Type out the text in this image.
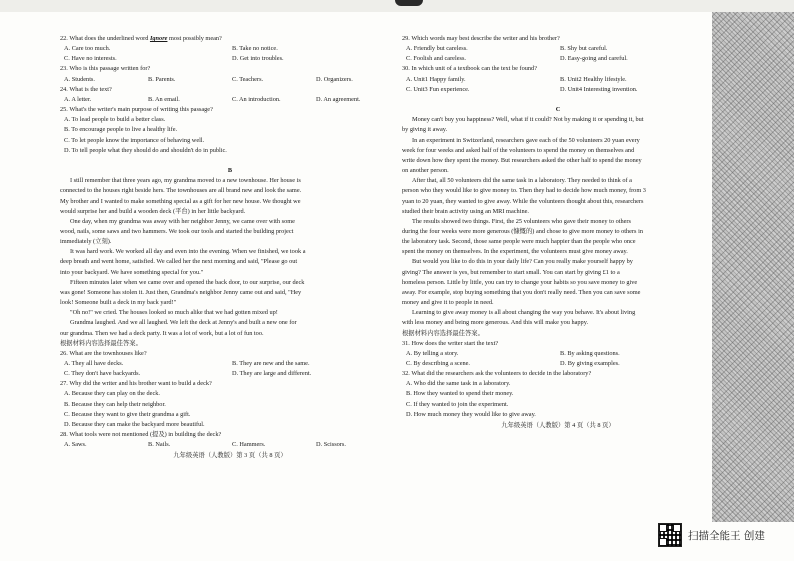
22. What does the underlined word Ignore most possibly mean?

A. Care too much.	B. Take no notice.

C. Have no interests.	D. Get into troubles.

23. Who is this passage written for?

A. Students.	B. Parents.	C. Teachers.	D. Organizers.

24. What is the text?

A. A letter.	B. An email.	C. An introduction.	D. An agreement.

25. What's the writer's main purpose of writing this passage?

A. To lead people to build a better class.

B. To encourage people to live a healthy life.

C. To let people know the importance of behaving well.

D. To tell people what they should do and shouldn't do in public.

B

I still remember that three years ago, my grandma moved to a new townhouse. Her house is

connected to the houses right beside hers. The townhouses are all brand new and look the same.

My brother and I wanted to make something special as a gift for her new house. We thought we

would surprise her and build a wooden deck (平台) in her little backyard.

One day, when my grandma was away with her neighbor Jenny, we came over with some

wood, nails, some saws and two hammers. We took our tools and started the building project

immediately (立刻).

It was hard work. We worked all day and even into the evening. When we finished, we took a

deep breath and went home, satisfied. We called her the next morning and said, "Please go out

into your backyard. We have something special for you."

Fifteen minutes later when we came over and opened the back door, to our surprise, our deck

was gone! Someone has stolen it. Just then, Grandma's neighbor Jenny came out and said, "Hey

look! Someone built a deck in my back yard!"

"Oh no!" we cried. The houses looked so much alike that we had gotten mixed up!

Grandma laughed. And we all laughed. We left the deck at Jenny's and built a new one for

our grandma. Then we had a deck party. It was a lot of work, but a lot of fun too.

根据材料内容选择最佳答案。

26. What are the townhouses like?

A. They all have decks.	B. They are new and the same.

C. They don't have backyards.	D. They are large and different.

27. Why did the writer and his brother want to build a deck?

A. Because they can play on the deck.

B. Because they can help their neighbor.

C. Because they want to give their grandma a gift.

D. Because they can make the backyard more beautiful.

28. What tools were not mentioned (提及) in building the deck?

A. Saws.	B. Nails.	C. Hammers.	D. Scissors.

九年级英语（人教版）第 3 页（共 8 页）

29. Which words may best describe the writer and his brother?

A. Friendly but careless.	B. Shy but careful.

C. Foolish and careless.	D. Easy-going and careful.

30. In which unit of a textbook can the text be found?

A. Unit1 Happy family.	B. Unit2 Healthy lifestyle.

C. Unit3 Fun experience.	D. Unit4 Interesting invention.

C

Money can't buy you happiness? Well, what if it could? Not by making it or spending it, but

by giving it away.

In an experiment in Switzerland, researchers gave each of the 50 volunteers 20 yuan every

week for four weeks and asked half of the volunteers to spend the money on themselves and

write down how they spent the money. But researchers asked the other half to spend the money

on another person.

After that, all 50 volunteers did the same task in a laboratory. They needed to think of a

person who they would like to give money to. Then they had to decide how much money, from 3

yuan to 20 yuan, they wanted to give away. While the volunteers thought about this, researchers

studied their brain activity using an MRI machine.

The results showed two things. First, the 25 volunteers who gave their money to others

during the four weeks were more generous (慷慨的) and chose to give more money to others in

the laboratory task. Second, those same people were much happier than the people who once

spent the money on themselves. In the experiment, the volunteers must give money away.

But would you like to do this in your daily life? Can you really make yourself happy by

giving? The answer is yes, but remember to start small. You can start by giving £1 to a

homeless person. Little by little, you can try to change your habits so you save money to give

away. For example, stop buying something that you don't really need. Then you can save some

money and give it to people in need.

Learning to give away money is all about changing the way you behave. It's about living

with less money and being more generous. And this will make you happy.

根据材料内容选择最佳答案。

31. How does the writer start the text?

A. By telling a story.	B. By asking questions.

C. By describing a scene.	D. By giving examples.

32. What did the researchers ask the volunteers to decide in the laboratory?

A. Who did the same task in a laboratory.

B. How they wanted to spend their money.

C. If they wanted to join the experiment.

D. How much money they would like to give away.

九年级英语（人教版）第 4 页（共 8 页）

扫描全能王 创建
